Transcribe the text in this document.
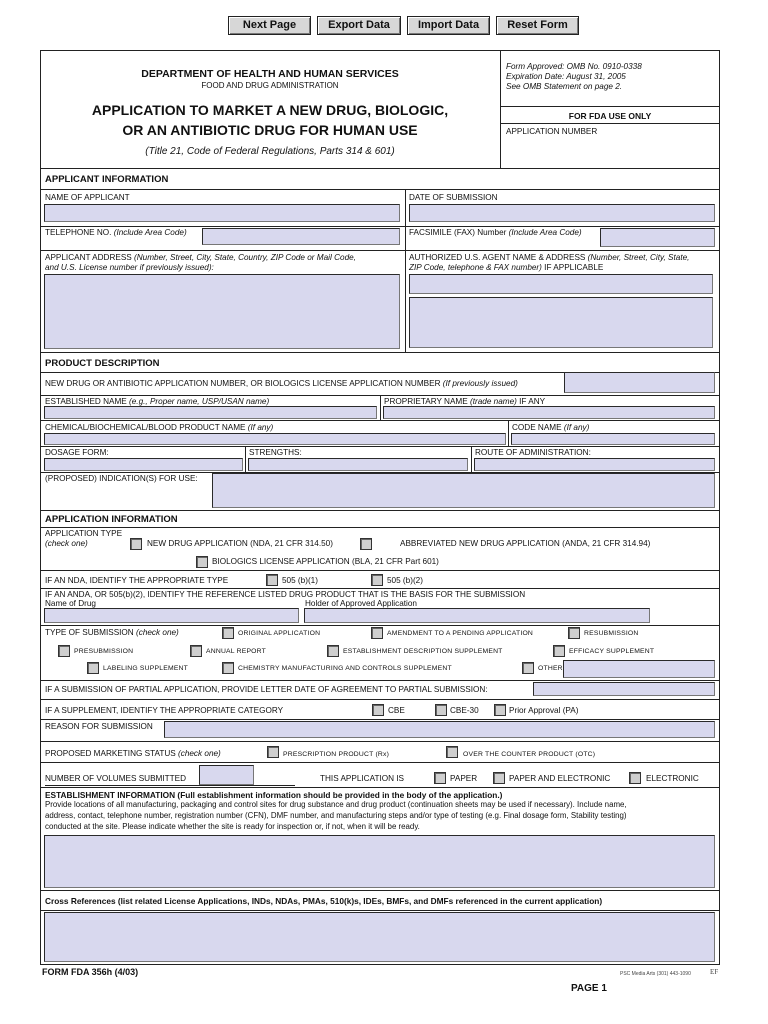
Next Page	Export Data	Import Data	Reset Form
DEPARTMENT OF HEALTH AND HUMAN SERVICES
FOOD AND DRUG ADMINISTRATION
APPLICATION TO MARKET A NEW DRUG, BIOLOGIC,
OR AN ANTIBIOTIC DRUG FOR HUMAN USE
(Title 21, Code of Federal Regulations, Parts 314 & 601)
Form Approved: OMB No. 0910-0338
Expiration Date: August 31, 2005
See OMB Statement on page 2.
FOR FDA USE ONLY
APPLICATION NUMBER
APPLICANT INFORMATION
NAME OF APPLICANT	DATE OF SUBMISSION
TELEPHONE NO. (Include Area Code)	FACSIMILE (FAX) Number (Include Area Code)
APPLICANT ADDRESS (Number, Street, City, State, Country, ZIP Code or Mail Code,
and U.S. License number if previously issued):
AUTHORIZED U.S. AGENT NAME & ADDRESS (Number, Street, City, State,
ZIP Code, telephone & FAX number) IF APPLICABLE
PRODUCT DESCRIPTION
NEW DRUG OR ANTIBIOTIC APPLICATION NUMBER, OR BIOLOGICS LICENSE APPLICATION NUMBER (If previously issued)
ESTABLISHED NAME (e.g., Proper name, USP/USAN name)	PROPRIETARY NAME (trade name) IF ANY
CHEMICAL/BIOCHEMICAL/BLOOD PRODUCT NAME (If any)	CODE NAME (If any)
DOSAGE FORM:	STRENGTHS:	ROUTE OF ADMINISTRATION:
(PROPOSED) INDICATION(S) FOR USE:
APPLICATION INFORMATION
APPLICATION TYPE
(check one)	NEW DRUG APPLICATION (NDA, 21 CFR 314.50)	ABBREVIATED NEW DRUG APPLICATION (ANDA, 21 CFR 314.94)
BIOLOGICS LICENSE APPLICATION (BLA, 21 CFR Part 601)
IF AN NDA, IDENTIFY THE APPROPRIATE TYPE	505 (b)(1)	505 (b)(2)
IF AN ANDA, OR 505(b)(2), IDENTIFY THE REFERENCE LISTED DRUG PRODUCT THAT IS THE BASIS FOR THE SUBMISSION
Name of Drug	Holder of Approved Application
TYPE OF SUBMISSION (check one)	ORIGINAL APPLICATION	AMENDMENT TO A PENDING APPLICATION	RESUBMISSION
PRESUBMISSION	ANNUAL REPORT	ESTABLISHMENT DESCRIPTION SUPPLEMENT	EFFICACY SUPPLEMENT
LABELING SUPPLEMENT	CHEMISTRY MANUFACTURING AND CONTROLS SUPPLEMENT	OTHER
IF A SUBMISSION OF PARTIAL APPLICATION, PROVIDE LETTER DATE OF AGREEMENT TO PARTIAL SUBMISSION:
IF A SUPPLEMENT, IDENTIFY THE APPROPRIATE CATEGORY	CBE	CBE-30	Prior Approval (PA)
REASON FOR SUBMISSION
PROPOSED MARKETING STATUS (check one)	PRESCRIPTION PRODUCT (Rx)	OVER THE COUNTER PRODUCT (OTC)
NUMBER OF VOLUMES SUBMITTED	THIS APPLICATION IS	PAPER	PAPER AND ELECTRONIC	ELECTRONIC
ESTABLISHMENT INFORMATION (Full establishment information should be provided in the body of the application.)
Provide locations of all manufacturing, packaging and control sites for drug substance and drug product (continuation sheets may be used if necessary). Include name,
address, contact, telephone number, registration number (CFN), DMF number, and manufacturing steps and/or type of testing (e.g. Final dosage form, Stability testing)
conducted at the site. Please indicate whether the site is ready for inspection or, if not, when it will be ready.
Cross References (list related License Applications, INDs, NDAs, PMAs, 510(k)s, IDEs, BMFs, and DMFs referenced in the current application)
FORM FDA 356h (4/03)	PSC Media Arts (301) 443-1090	EF
PAGE 1
